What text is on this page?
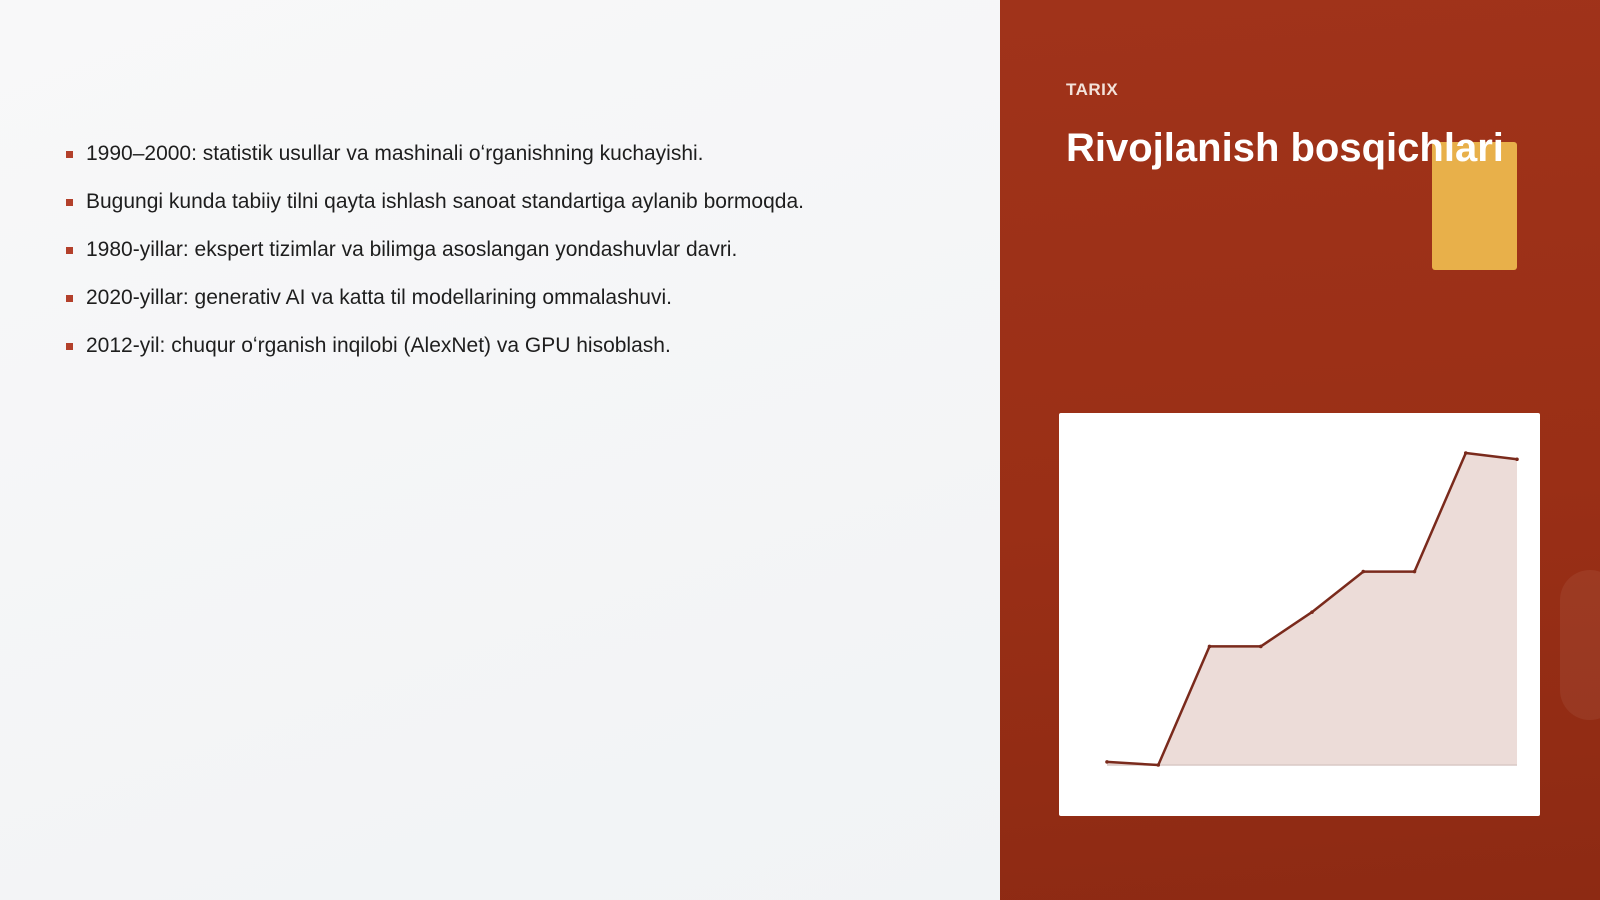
1990–2000: statistik usullar va mashinali oʻrganishning kuchayishi.
Bugungi kunda tabiiy tilni qayta ishlash sanoat standartiga aylanib bormoqda.
1980-yillar: ekspert tizimlar va bilimga asoslangan yondashuvlar davri.
2020-yillar: generativ AI va katta til modellarining ommalashuvi.
2012-yil: chuqur oʻrganish inqilobi (AlexNet) va GPU hisoblash.
TARIX
Rivojlanish bosqichlari
